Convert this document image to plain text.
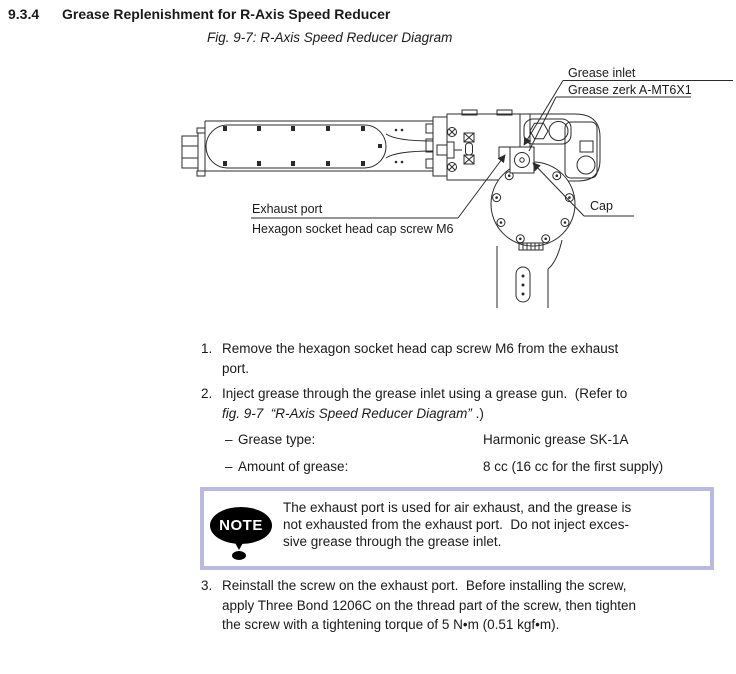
9.3.4 Grease Replenishment for R-Axis Speed Reducer
Fig. 9-7: R-Axis Speed Reducer Diagram
Grease inlet
Grease zerk A-MT6X1
Exhaust port
Hexagon socket head cap screw M6
Cap
1. Remove the hexagon socket head cap screw M6 from the exhaust
port.
2. Inject grease through the grease inlet using a grease gun.  (Refer to
fig. 9-7  “R-Axis Speed Reducer Diagram” .)
– Grease type:	Harmonic grease SK-1A
– Amount of grease:	8 cc (16 cc for the first supply)
NOTE
The exhaust port is used for air exhaust, and the grease is
not exhausted from the exhaust port.  Do not inject exces-
sive grease through the grease inlet.
3. Reinstall the screw on the exhaust port.  Before installing the screw,
apply Three Bond 1206C on the thread part of the screw, then tighten
the screw with a tightening torque of 5 N•m (0.51 kgf•m).
